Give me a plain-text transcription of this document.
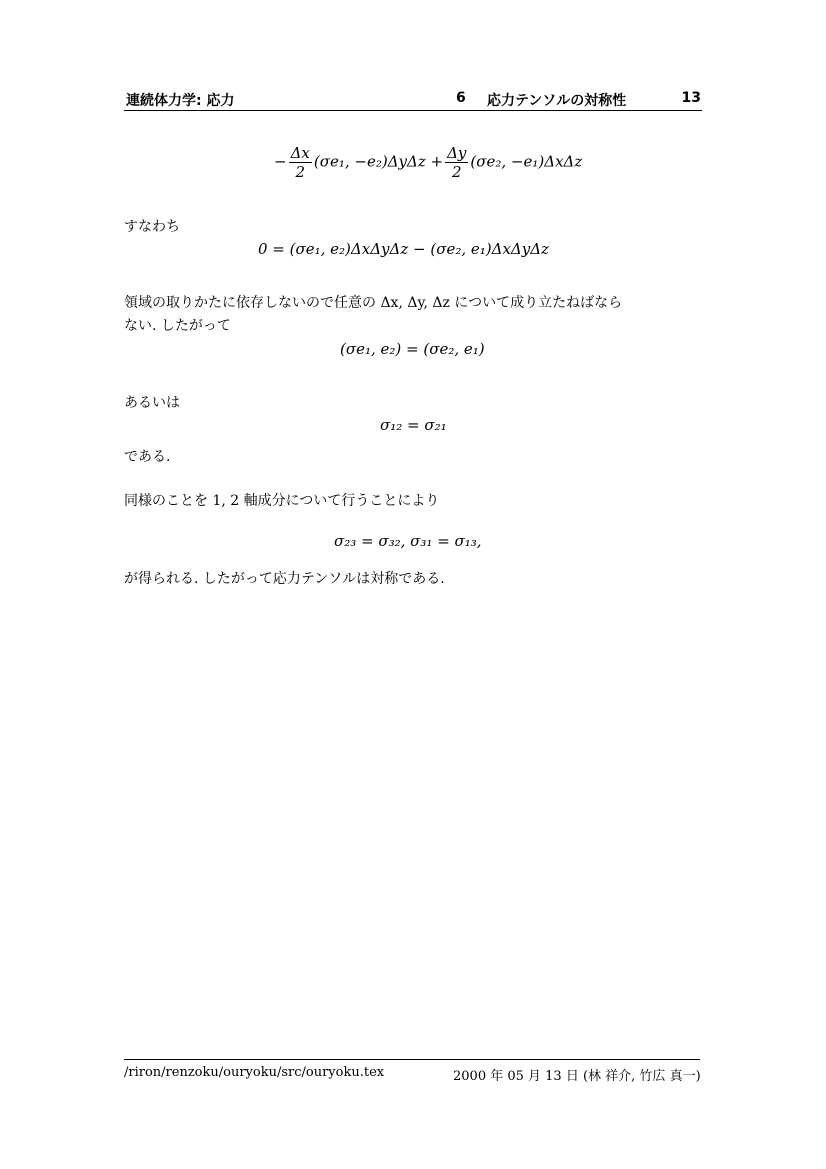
連続体力学: 応力	6 応力テンソルの対称性	13
− $\frac{\Delta x}{2} (\sigma e_1$, $-e_2)\Delta y\Delta z + \frac{\Delta y}{2} (\sigma e_2$, −e₁)ΔxΔz
すなわち
0 = (σe₁, e₂)ΔxΔyΔz − (σe₂, e₁)ΔxΔyΔz
領域の取りかたに依存しないので任意の Δx, Δy, Δz について成り立たねばなら
ない. したがって
(σe₁, e₂) = (σe₂, e₁)
あるいは
σ₁₂ = σ₂₁
である.
同様のことを 1, 2 軸成分について行うことにより
σ₂₃ = σ₃₂, σ₃₁ = σ₁₃,
が得られる. したがって応力テンソルは対称である.
/riron/renzoku/ouryoku/src/ouryoku.tex	2000 年 05 月 13 日 (林 祥介, 竹広 真一)
